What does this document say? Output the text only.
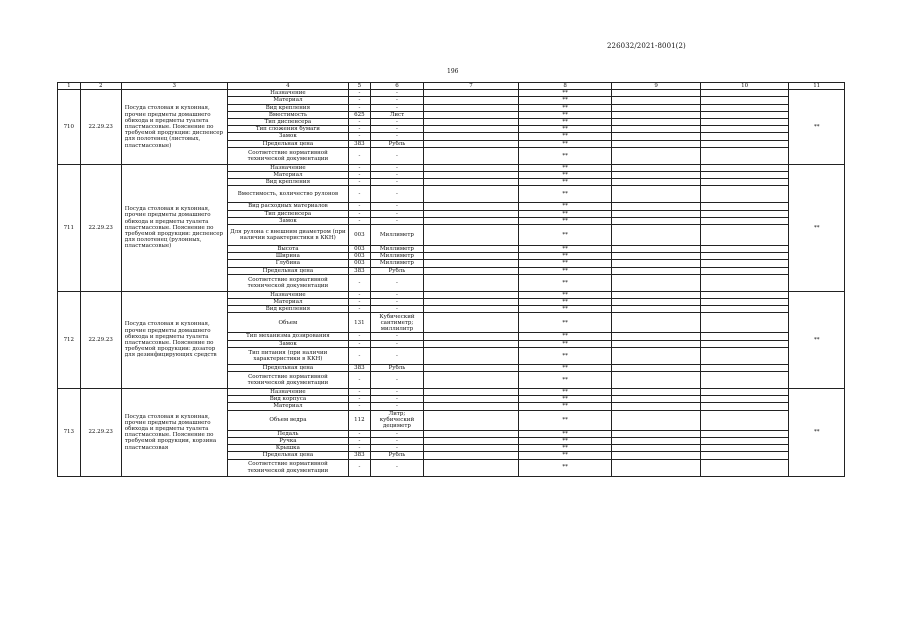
226032/2021-8001(2)
196
1	2	3	4	5	6	7	8	9	10	11
710	22.29.23	Посуда столовая и кухонная, прочие предметы домашнего обихода и предметы туалета пластмассовые. Пояснение по требуемой продукции: диспенсер для полотенец (листовых, пластмассовые)	Назначение	-	-		**			**
			Материал	-	-		**			
			Вид крепления	-	-		**			
			Вместимость	625	Лист		**			
			Тип диспенсера	-	-		**			
			Тип сложения бумаги	-	-		**			
			Замок	-	-		**			
			Предельная цена	383	Рубль		**			
			Соответствие нормативной технической документации	-	-		**			
711	22.29.23	Посуда столовая и кухонная, прочие предметы домашнего обихода и предметы туалета пластмассовые. Пояснение по требуемой продукции: диспенсер для полотенец (рулонных, пластмассовые)	Назначение	-	-		**			**
			Материал	-	-		**			
			Вид крепления	-	-		**			
			Вместимость, количество рулонов	-	-		**			
			Вид расходных материалов	-	-		**			
			Тип диспенсера	-	-		**			
			Замок	-	-		**			
			Для рулона с внешним диаметром (при наличии характеристики в ККН)	003	Миллиметр		**			
			Высота	003	Миллиметр		**			
			Ширина	003	Миллиметр		**			
			Глубина	003	Миллиметр		**			
			Предельная цена	383	Рубль		**			
			Соответствие нормативной технической документации	-	-		**			
712	22.29.23	Посуда столовая и кухонная, прочие предметы домашнего обихода и предметы туалета пластмассовые. Пояснение по требуемой продукции: дозатор для дезинфицирующих средств	Назначение	-	-		**			**
			Материал	-	-		**			
			Вид крепления	-	-		**			
			Объем	131	Кубический сантиметр; миллилитр		**			
			Тип механизма дозирования	-	-		**			
			Замок	-	-		**			
			Тип питания (при наличии характеристики в ККН)	-	-		**			
			Предельная цена	383	Рубль		**			
			Соответствие нормативной технической документации	-	-		**			
713	22.29.23	Посуда столовая и кухонная, прочие предметы домашнего обихода и предметы туалета пластмассовые. Пояснение по требуемой продукции, корзина пластмассовая	Назначение	-	-		**			**
			Вид корпуса	-	-		**			
			Материал	-	-		**			
			Объем ведра	112	Литр; кубический дециметр		**			
			Педаль	-	-		**			
			Ручка	-	-		**			
			Крышка	-	-		**			
			Предельная цена	383	Рубль		**			
			Соответствие нормативной технической документации	-	-		**			
